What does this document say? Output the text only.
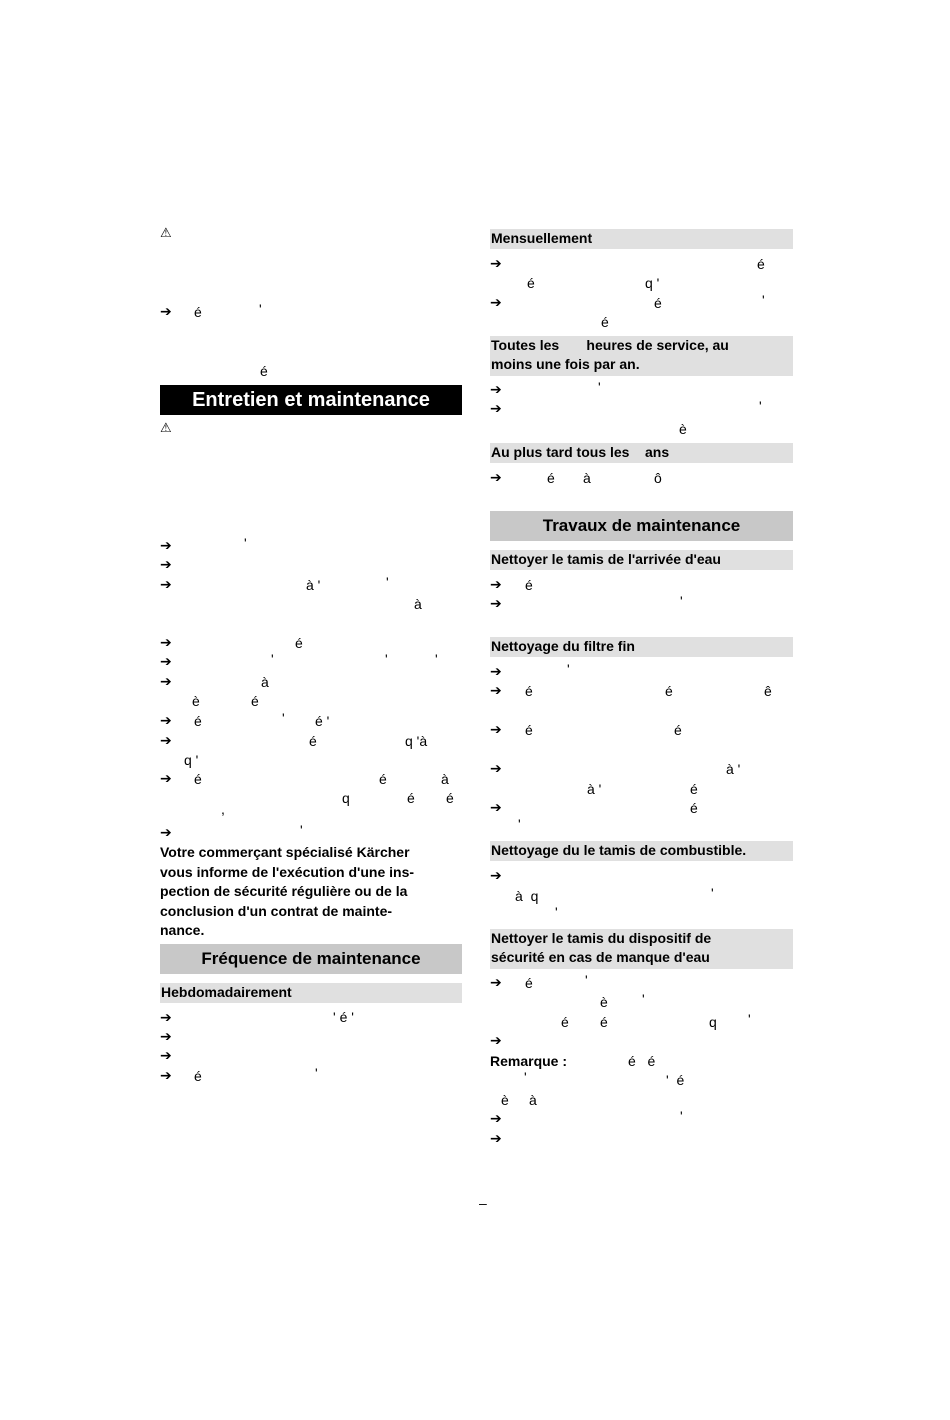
⚠
➔ é	'
é
Entretien et maintenance
⚠
➔	'
➔
➔	à '	'
à
➔	é
➔	'	'	'
➔	à
è	é
➔ é	' é '
➔	é	q 'à
q '
➔ é	é	à
q	é é
,
➔	'
Votre commerçant spécialisé Kärcher
vous informe de l'exécution d'une ins-
pection de sécurité régulière ou de la
conclusion d'un contrat de mainte-
nance.
Fréquence de maintenance
Hebdomadairement
➔	' é '
➔
➔
➔ é	'
Mensuellement
➔	é
é	q '
➔	é	'
é
Toutes les       heures de service, au
moins une fois par an.
➔	'
➔	'
è
Au plus tard tous les    ans
➔	é à	ô
Travaux de maintenance
Nettoyer le tamis de l'arrivée d'eau
➔ é
➔	'
Nettoyage du filtre fin
➔	'
➔ é	é	ê
➔ é	é
➔	à '
à '	é
➔	é
'
Nettoyage du le tamis de combustible.
➔
à  q	'
'
Nettoyer le tamis du dispositif de
sécurité en cas de manque d'eau
➔ é	'
è '
é é	q '
➔
Remarque :	é   é
'	'  é
è à
➔	'
➔
–
